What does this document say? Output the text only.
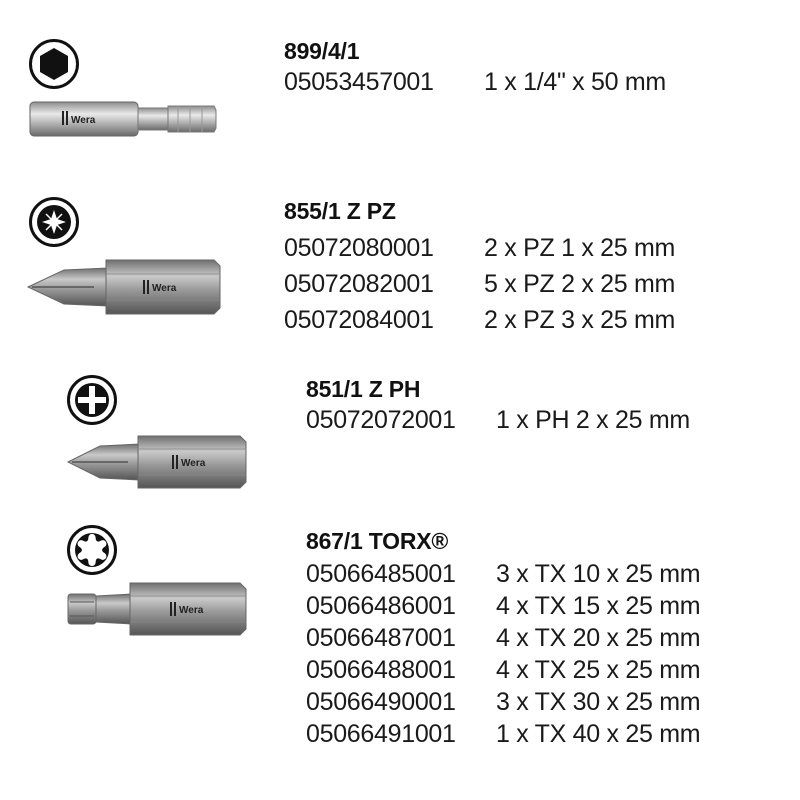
Wera
899/4/1
05053457001 1 x 1/4" x 50 mm
Wera
855/1 Z PZ
05072080001 2 x PZ 1 x 25 mm
05072082001 5 x PZ 2 x 25 mm
05072084001 2 x PZ 3 x 25 mm
Wera
851/1 Z PH
05072072001 1 x PH 2 x 25 mm
Wera
867/1 TORX®
05066485001 3 x TX 10 x 25 mm
05066486001 4 x TX 15 x 25 mm
05066487001 4 x TX 20 x 25 mm
05066488001 4 x TX 25 x 25 mm
05066490001 3 x TX 30 x 25 mm
05066491001 1 x TX 40 x 25 mm
